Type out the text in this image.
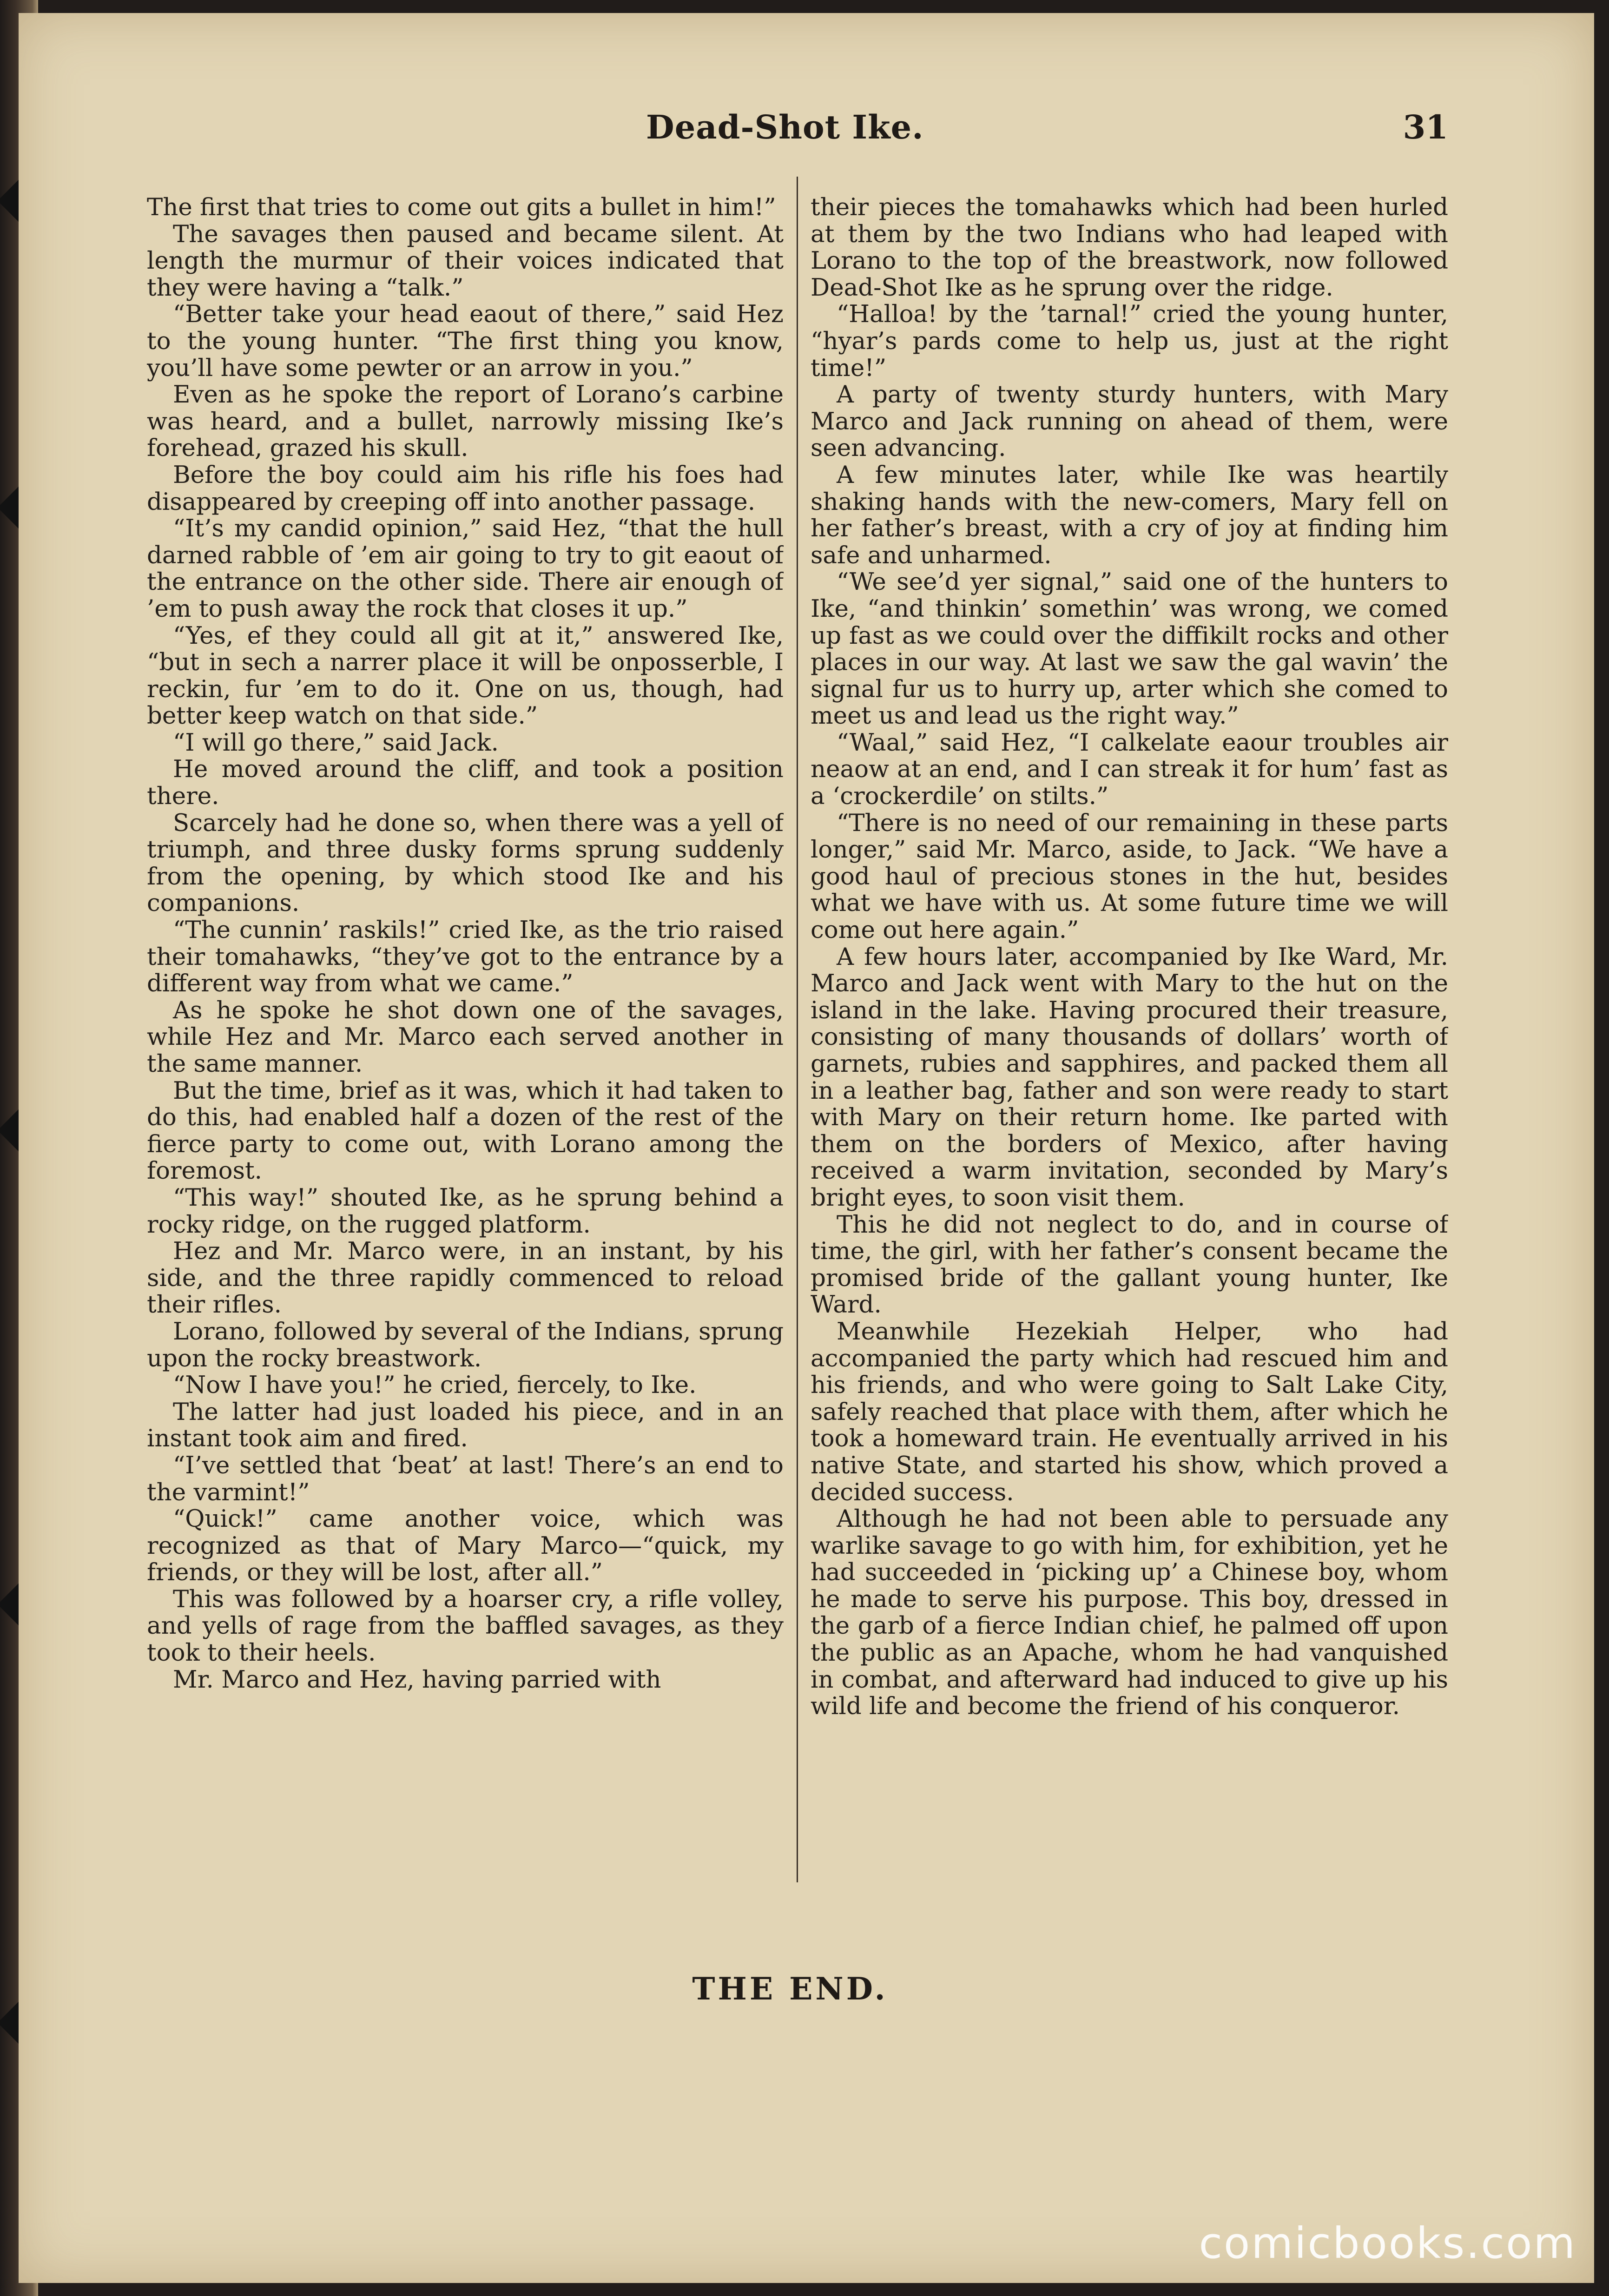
Dead-Shot Ike.	31

The first that tries to come out gits a bullet in him!”

The savages then paused and became silent. At length the murmur of their voices indicated that they were having a “talk.”

“Better take your head eaout of there,” said Hez to the young hunter. “The first thing you know, you’ll have some pewter or an arrow in you.”

Even as he spoke the report of Lorano’s carbine was heard, and a bullet, narrowly missing Ike’s forehead, grazed his skull.

Before the boy could aim his rifle his foes had disappeared by creeping off into another passage.

“It’s my candid opinion,” said Hez, “that the hull darned rabble of ’em air going to try to git eaout of the entrance on the other side. There air enough of ’em to push away the rock that closes it up.”

“Yes, ef they could all git at it,” answered Ike, “but in sech a narrer place it will be onposserble, I reckin, fur ’em to do it. One on us, though, had better keep watch on that side.”

“I will go there,” said Jack.

He moved around the cliff, and took a position there.

Scarcely had he done so, when there was a yell of triumph, and three dusky forms sprung suddenly from the opening, by which stood Ike and his companions.

“The cunnin’ raskils!” cried Ike, as the trio raised their tomahawks, “they’ve got to the entrance by a different way from what we came.”

As he spoke he shot down one of the savages, while Hez and Mr. Marco each served another in the same manner.

But the time, brief as it was, which it had taken to do this, had enabled half a dozen of the rest of the fierce party to come out, with Lorano among the foremost.

“This way!” shouted Ike, as he sprung behind a rocky ridge, on the rugged platform.

Hez and Mr. Marco were, in an instant, by his side, and the three rapidly commenced to reload their rifles.

Lorano, followed by several of the Indians, sprung upon the rocky breastwork.

“Now I have you!” he cried, fiercely, to Ike.

The latter had just loaded his piece, and in an instant took aim and fired.

“I’ve settled that ‘beat’ at last! There’s an end to the varmint!”

“Quick!” came another voice, which was recognized as that of Mary Marco—“quick, my friends, or they will be lost, after all.”

This was followed by a hoarser cry, a rifle volley, and yells of rage from the baffled savages, as they took to their heels.

Mr. Marco and Hez, having parried with

their pieces the tomahawks which had been hurled at them by the two Indians who had leaped with Lorano to the top of the breastwork, now followed Dead-Shot Ike as he sprung over the ridge.

“Halloa! by the ’tarnal!” cried the young hunter, “hyar’s pards come to help us, just at the right time!”

A party of twenty sturdy hunters, with Mary Marco and Jack running on ahead of them, were seen advancing.

A few minutes later, while Ike was heartily shaking hands with the new-comers, Mary fell on her father’s breast, with a cry of joy at finding him safe and unharmed.

“We see’d yer signal,” said one of the hunters to Ike, “and thinkin’ somethin’ was wrong, we comed up fast as we could over the diffikilt rocks and other places in our way. At last we saw the gal wavin’ the signal fur us to hurry up, arter which she comed to meet us and lead us the right way.”

“Waal,” said Hez, “I calkelate eaour troubles air neaow at an end, and I can streak it for hum’ fast as a ‘crockerdile’ on stilts.”

“There is no need of our remaining in these parts longer,” said Mr. Marco, aside, to Jack. “We have a good haul of precious stones in the hut, besides what we have with us. At some future time we will come out here again.”

A few hours later, accompanied by Ike Ward, Mr. Marco and Jack went with Mary to the hut on the island in the lake. Having procured their treasure, consisting of many thousands of dollars’ worth of garnets, rubies and sapphires, and packed them all in a leather bag, father and son were ready to start with Mary on their return home. Ike parted with them on the borders of Mexico, after having received a warm invitation, seconded by Mary’s bright eyes, to soon visit them.

This he did not neglect to do, and in course of time, the girl, with her father’s consent became the promised bride of the gallant young hunter, Ike Ward.

Meanwhile Hezekiah Helper, who had accompanied the party which had rescued him and his friends, and who were going to Salt Lake City, safely reached that place with them, after which he took a homeward train. He eventually arrived in his native State, and started his show, which proved a decided success.

Although he had not been able to persuade any warlike savage to go with him, for exhibition, yet he had succeeded in ‘picking up’ a Chinese boy, whom he made to serve his purpose. This boy, dressed in the garb of a fierce Indian chief, he palmed off upon the public as an Apache, whom he had vanquished in combat, and afterward had induced to give up his wild life and become the friend of his conqueror.

THE END.
comicbooks.com
